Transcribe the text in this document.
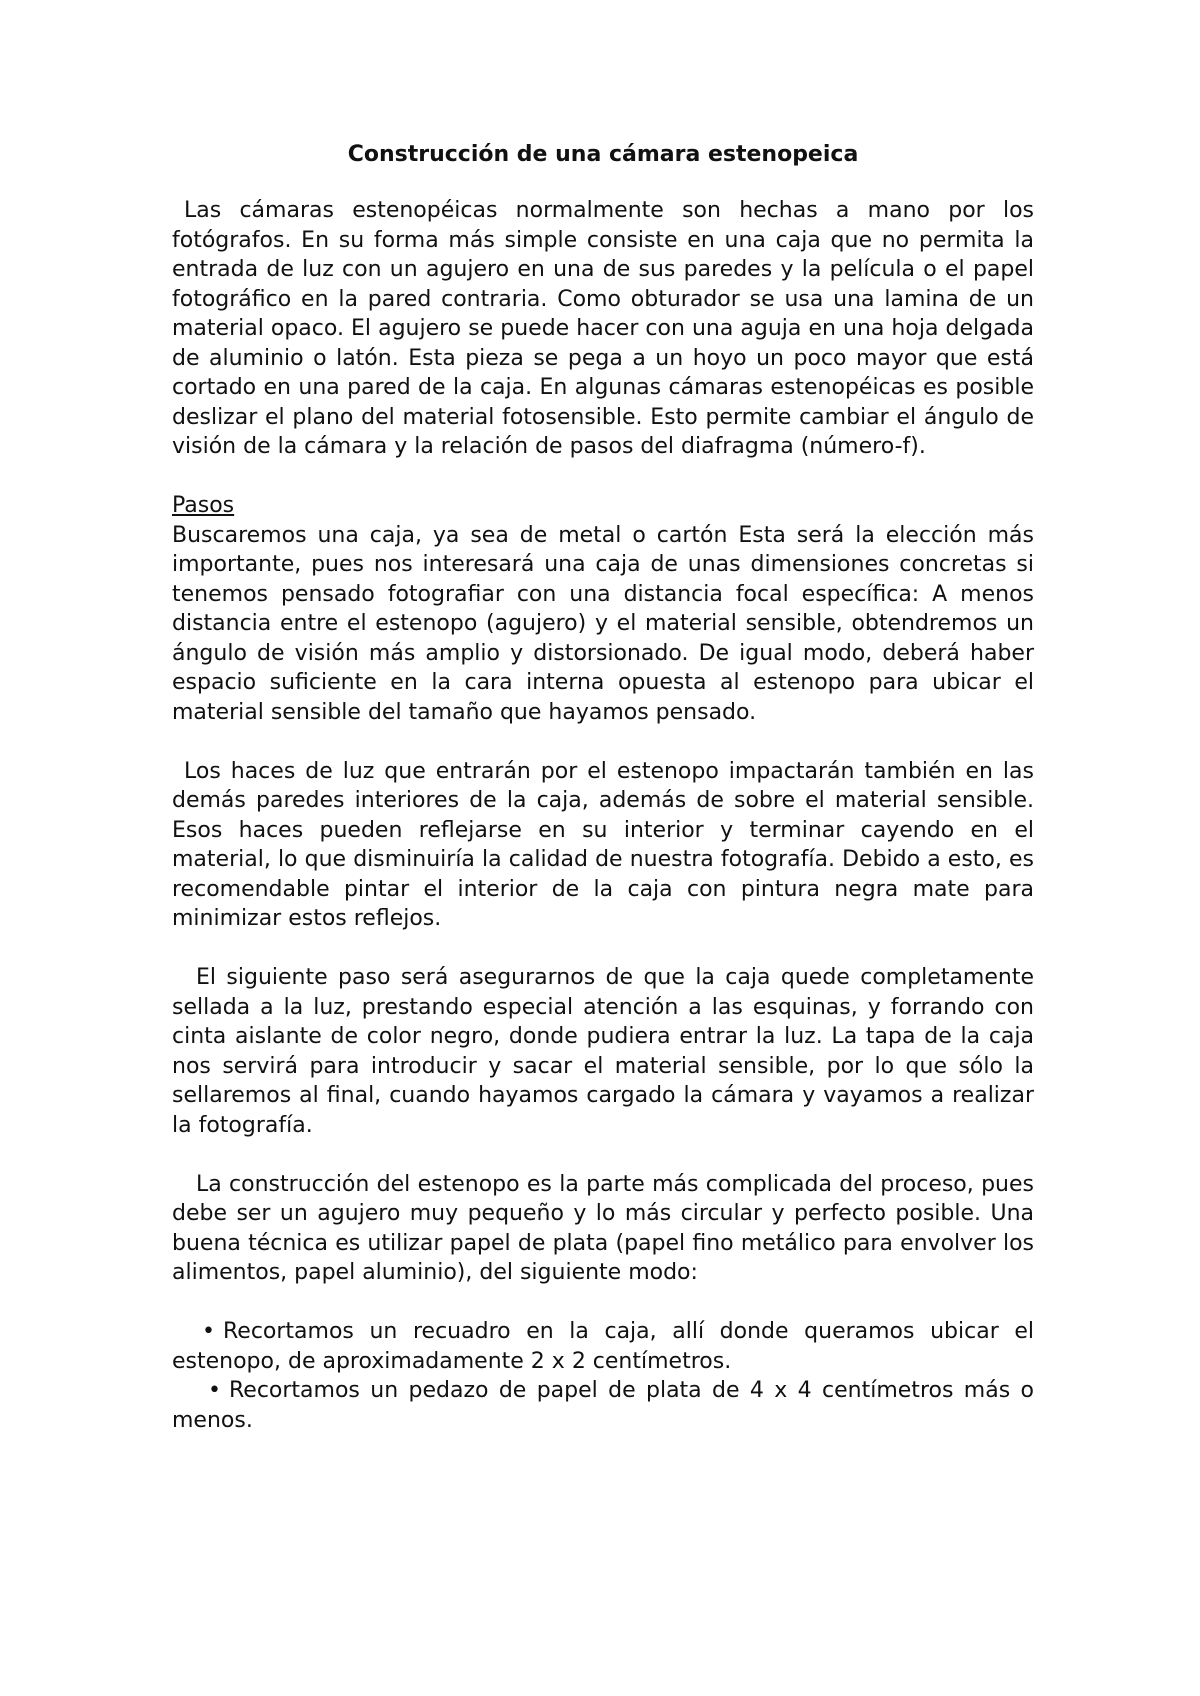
Construcción de una cámara estenopeica

Las cámaras estenopéicas normalmente son hechas a mano por los fotógrafos. En su forma más simple consiste en una caja que no permita la entrada de luz con un agujero en una de sus paredes y la película o el papel fotográfico en la pared contraria. Como obturador se usa una lamina de un material opaco. El agujero se puede hacer con una aguja en una hoja delgada de aluminio o latón. Esta pieza se pega a un hoyo un poco mayor que está cortado en una pared de la caja. En algunas cámaras estenopéicas es posible deslizar el plano del material fotosensible. Esto permite cambiar el ángulo de visión de la cámara y la relación de pasos del diafragma (número-f).

Pasos

Buscaremos una caja, ya sea de metal o cartón Esta será la elección más importante, pues nos interesará una caja de unas dimensiones concretas si tenemos pensado fotografiar con una distancia focal específica: A menos distancia entre el estenopo (agujero) y el material sensible, obtendremos un ángulo de visión más amplio y distorsionado. De igual modo, deberá haber espacio suficiente en la cara interna opuesta al estenopo para ubicar el material sensible del tamaño que hayamos pensado.

Los haces de luz que entrarán por el estenopo impactarán también en las demás paredes interiores de la caja, además de sobre el material sensible. Esos haces pueden reflejarse en su interior y terminar cayendo en el material, lo que disminuiría la calidad de nuestra fotografía. Debido a esto, es recomendable pintar el interior de la caja con pintura negra mate para minimizar estos reflejos.

El siguiente paso será asegurarnos de que la caja quede completamente sellada a la luz, prestando especial atención a las esquinas, y forrando con cinta aislante de color negro, donde pudiera entrar la luz. La tapa de la caja nos servirá para introducir y sacar el material sensible, por lo que sólo la sellaremos al final, cuando hayamos cargado la cámara y vayamos a realizar la fotografía.

La construcción del estenopo es la parte más complicada del proceso, pues debe ser un agujero muy pequeño y lo más circular y perfecto posible. Una buena técnica es utilizar papel de plata (papel fino metálico para envolver los alimentos, papel aluminio), del siguiente modo:

• Recortamos un recuadro en la caja, allí donde queramos ubicar el estenopo, de aproximadamente 2 x 2 centímetros.
• Recortamos un pedazo de papel de plata de 4 x 4 centímetros más o menos.
